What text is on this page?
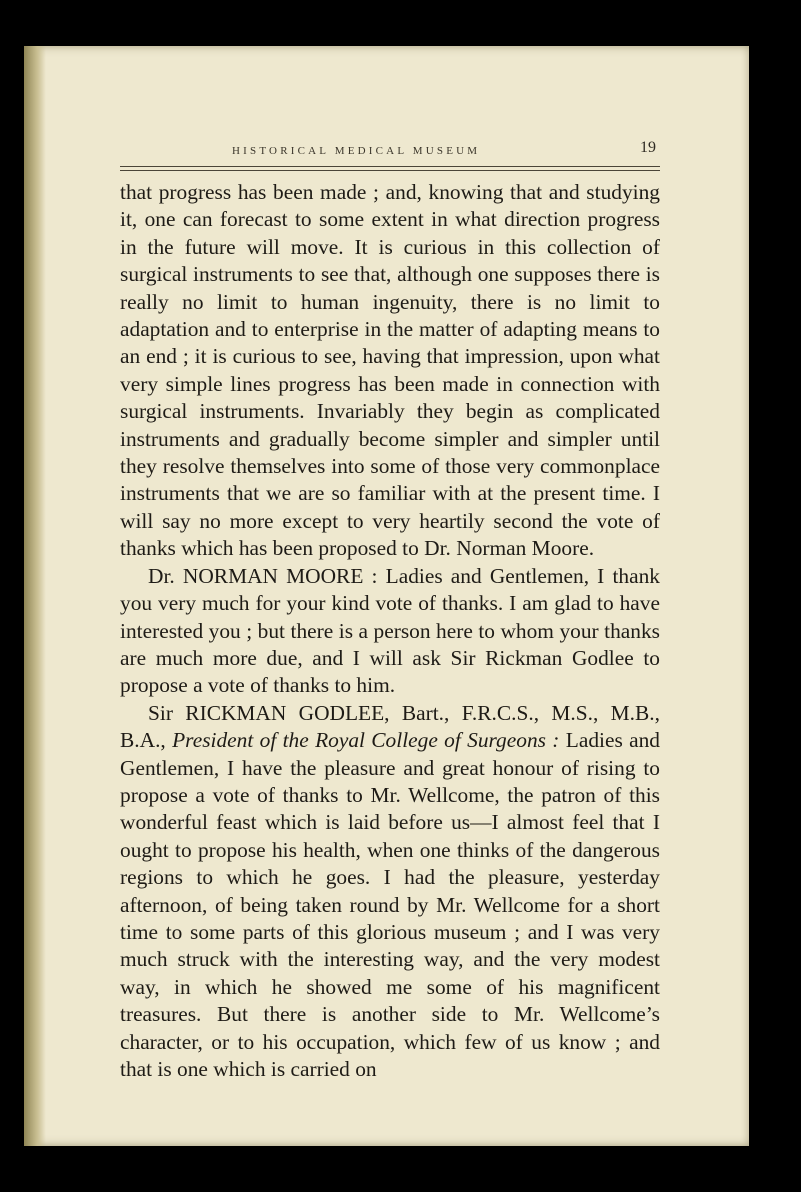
HISTORICAL MEDICAL MUSEUM	19

that progress has been made ; and, knowing that and studying it, one can forecast to some extent in what direction progress in the future will move. It is curious in this collection of surgical instruments to see that, although one supposes there is really no limit to human ingenuity, there is no limit to adaptation and to enterprise in the matter of adapting means to an end ; it is curious to see, having that impression, upon what very simple lines progress has been made in connection with surgical instruments. Invariably they begin as complicated instruments and gradually become simpler and simpler until they resolve themselves into some of those very commonplace instruments that we are so familiar with at the present time. I will say no more except to very heartily second the vote of thanks which has been proposed to Dr. Norman Moore.

Dr. NORMAN MOORE : Ladies and Gentlemen, I thank you very much for your kind vote of thanks. I am glad to have interested you ; but there is a person here to whom your thanks are much more due, and I will ask Sir Rickman Godlee to propose a vote of thanks to him.

Sir RICKMAN GODLEE, Bart., F.R.C.S., M.S., M.B., B.A., President of the Royal College of Surgeons : Ladies and Gentlemen, I have the pleasure and great honour of rising to propose a vote of thanks to Mr. Wellcome, the patron of this wonderful feast which is laid before us—I almost feel that I ought to propose his health, when one thinks of the dangerous regions to which he goes. I had the pleasure, yesterday afternoon, of being taken round by Mr. Wellcome for a short time to some parts of this glorious museum ; and I was very much struck with the interesting way, and the very modest way, in which he showed me some of his magnificent treasures. But there is another side to Mr. Wellcome’s character, or to his occupation, which few of us know ; and that is one which is carried on
